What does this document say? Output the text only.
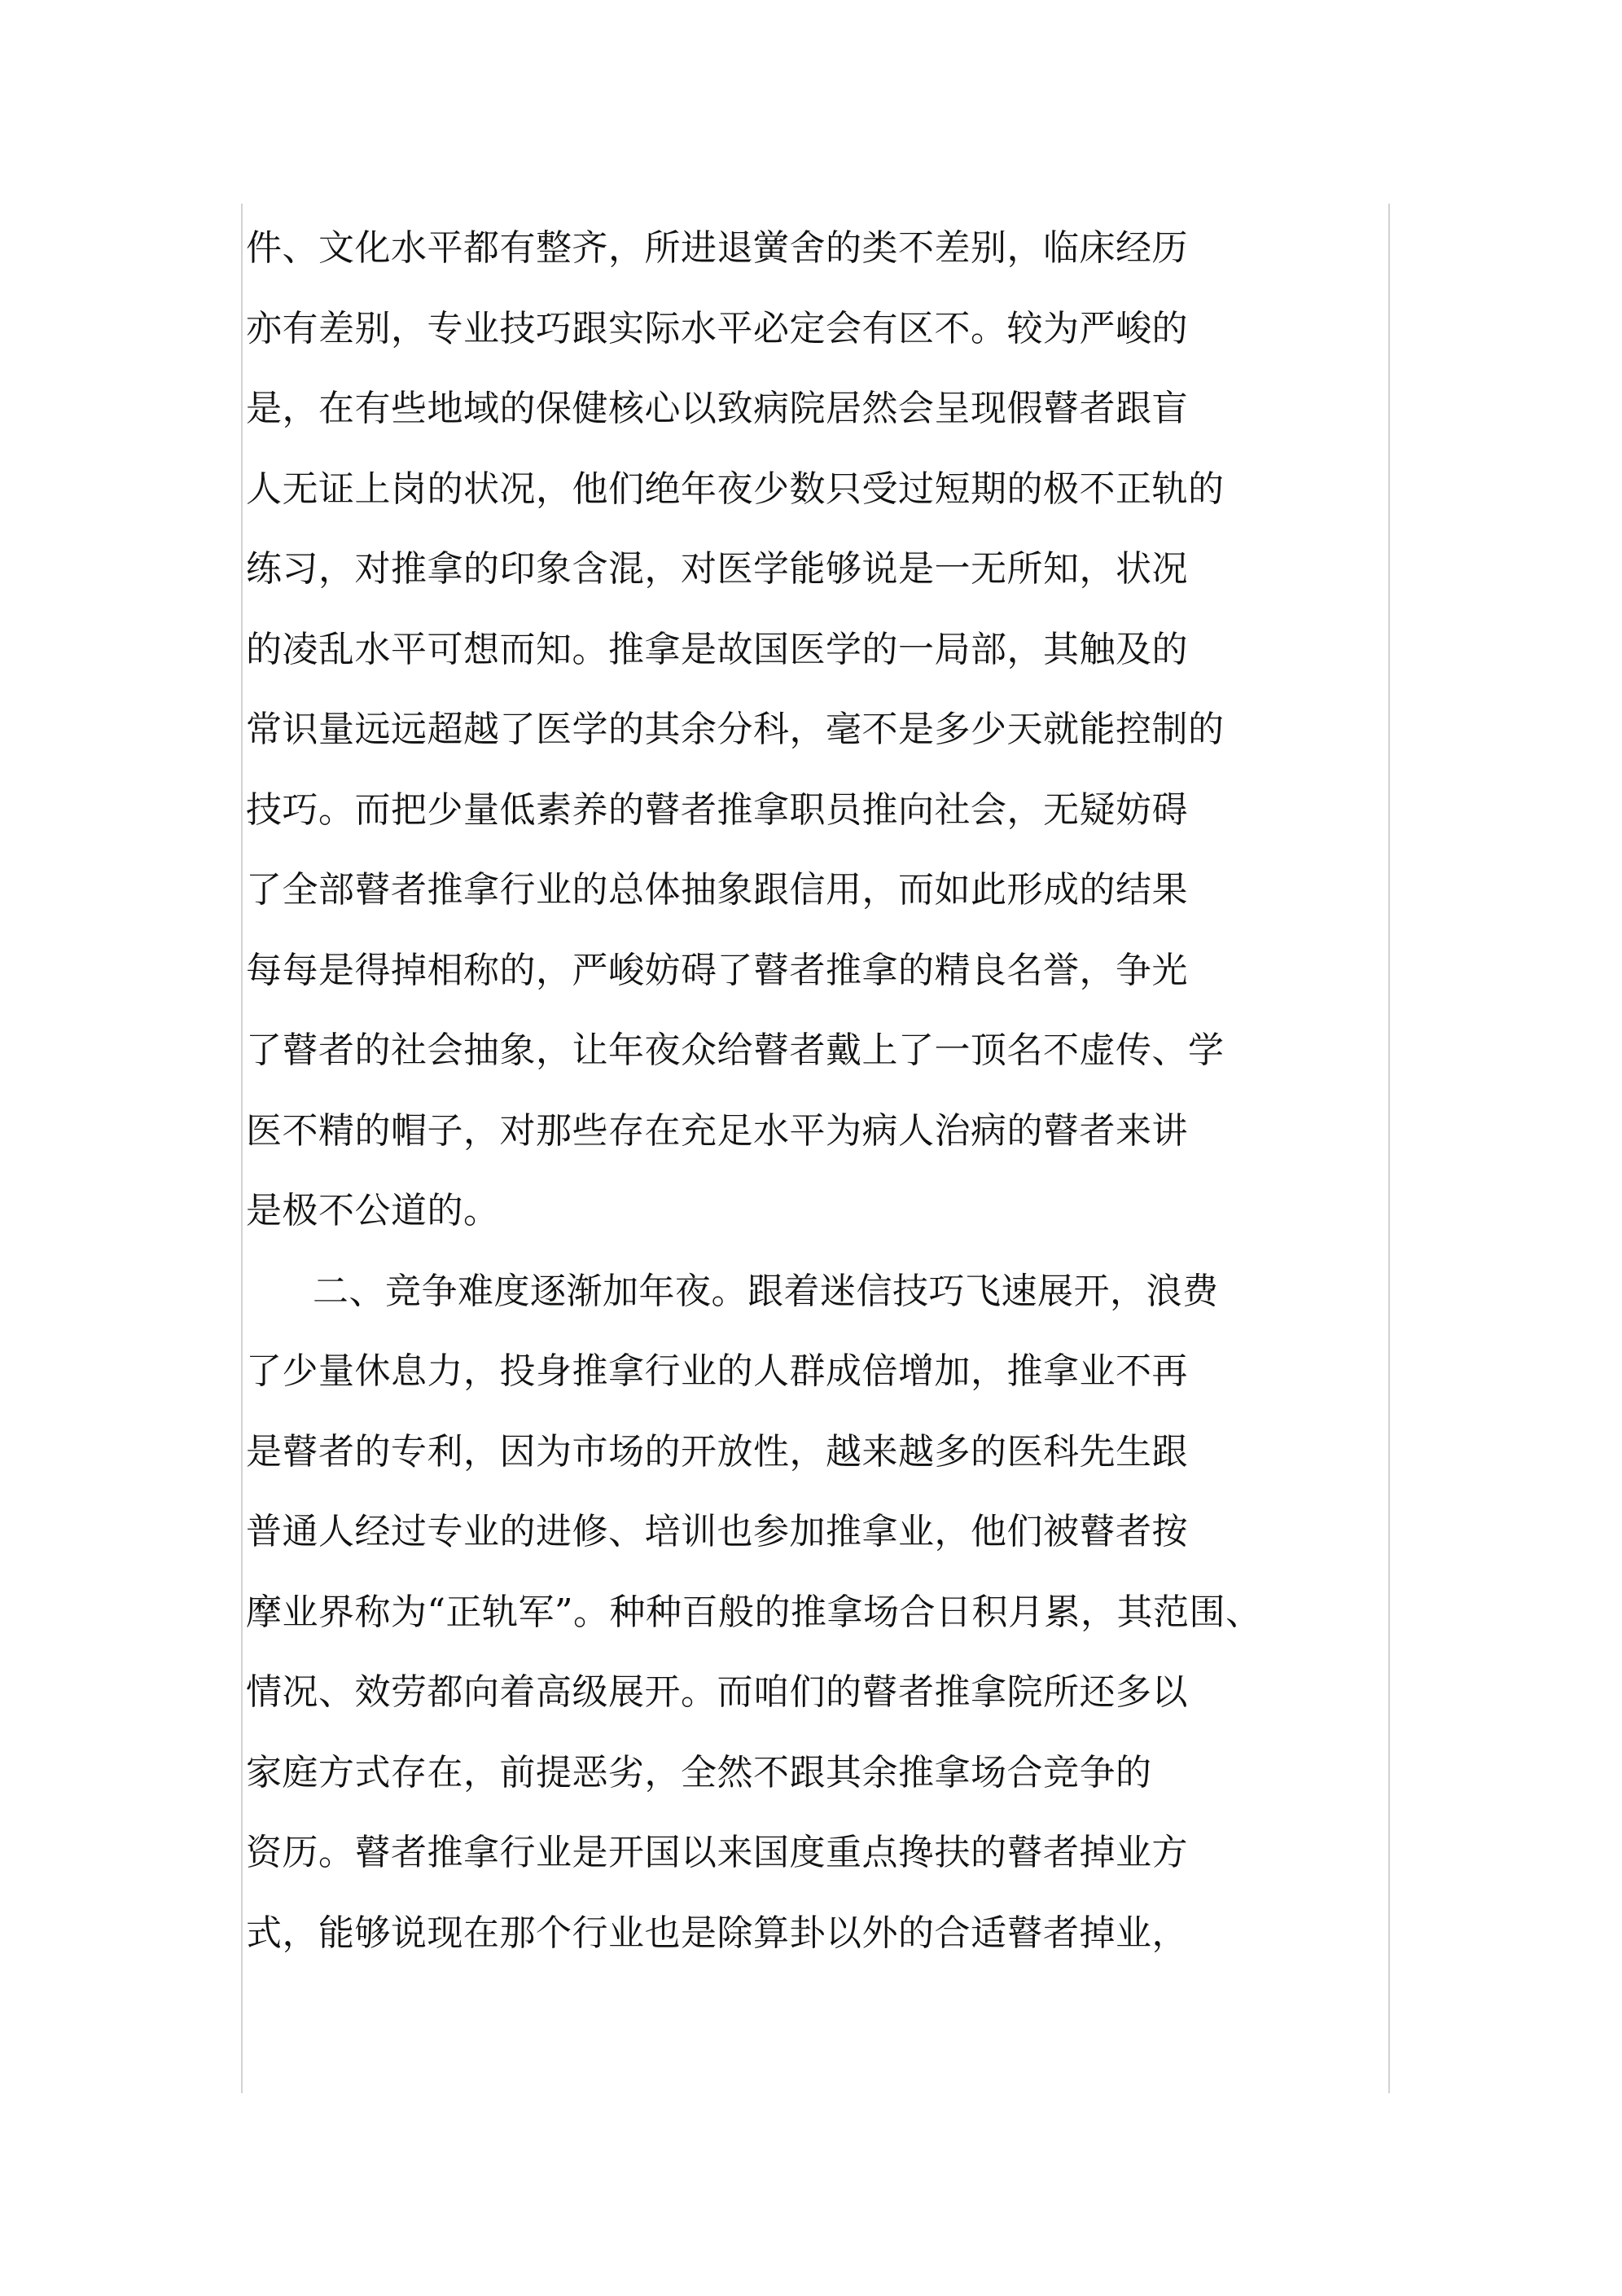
件、文化水平都有整齐，所进退黉舍的类不差别，临床经历
亦有差别，专业技巧跟实际水平必定会有区不。较为严峻的
是，在有些地域的保健核心以致病院居然会呈现假瞽者跟盲
人无证上岗的状况，他们绝年夜少数只受过短期的极不正轨的
练习，对推拿的印象含混，对医学能够说是一无所知，状况
的凌乱水平可想而知。推拿是故国医学的一局部，其触及的
常识量远远超越了医学的其余分科，毫不是多少天就能控制的
技巧。而把少量低素养的瞽者推拿职员推向社会，无疑妨碍
了全部瞽者推拿行业的总体抽象跟信用，而如此形成的结果
每每是得掉相称的，严峻妨碍了瞽者推拿的精良名誉，争光
了瞽者的社会抽象，让年夜众给瞽者戴上了一顶名不虚传、学
医不精的帽子，对那些存在充足水平为病人治病的瞽者来讲
是极不公道的。
二、竞争难度逐渐加年夜。跟着迷信技巧飞速展开，浪费
了少量休息力，投身推拿行业的人群成倍增加，推拿业不再
是瞽者的专利，因为市场的开放性，越来越多的医科先生跟
普通人经过专业的进修、培训也参加推拿业，他们被瞽者按
摩业界称为“正轨军”。种种百般的推拿场合日积月累，其范围、
情况、效劳都向着高级展开。而咱们的瞽者推拿院所还多以
家庭方式存在，前提恶劣，全然不跟其余推拿场合竞争的
资历。瞽者推拿行业是开国以来国度重点搀扶的瞽者掉业方
式，能够说现在那个行业也是除算卦以外的合适瞽者掉业，
